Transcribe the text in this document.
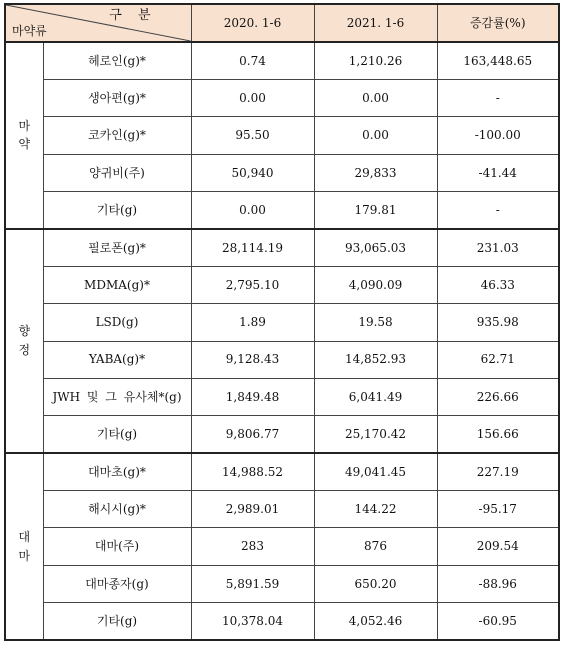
구 분
마약류		2020. 1-6	2021. 1-6	증감률(%)
마
약	헤로인(g)*	0.74	1,210.26	163,448.65
	생아편(g)*	0.00	0.00	-
	코카인(g)*	95.50	0.00	-100.00
	양귀비(주)	50,940	29,833	-41.44
	기타(g)	0.00	179.81	-
향
정	필로폰(g)*	28,114.19	93,065.03	231.03
	MDMA(g)*	2,795.10	4,090.09	46.33
	LSD(g)	1.89	19.58	935.98
	YABA(g)*	9,128.43	14,852.93	62.71
	JWH 및 그 유사체*(g)	1,849.48	6,041.49	226.66
	기타(g)	9,806.77	25,170.42	156.66
대
마	대마초(g)*	14,988.52	49,041.45	227.19
	해시시(g)*	2,989.01	144.22	-95.17
	대마(주)	283	876	209.54
	대마종자(g)	5,891.59	650.20	-88.96
	기타(g)	10,378.04	4,052.46	-60.95
